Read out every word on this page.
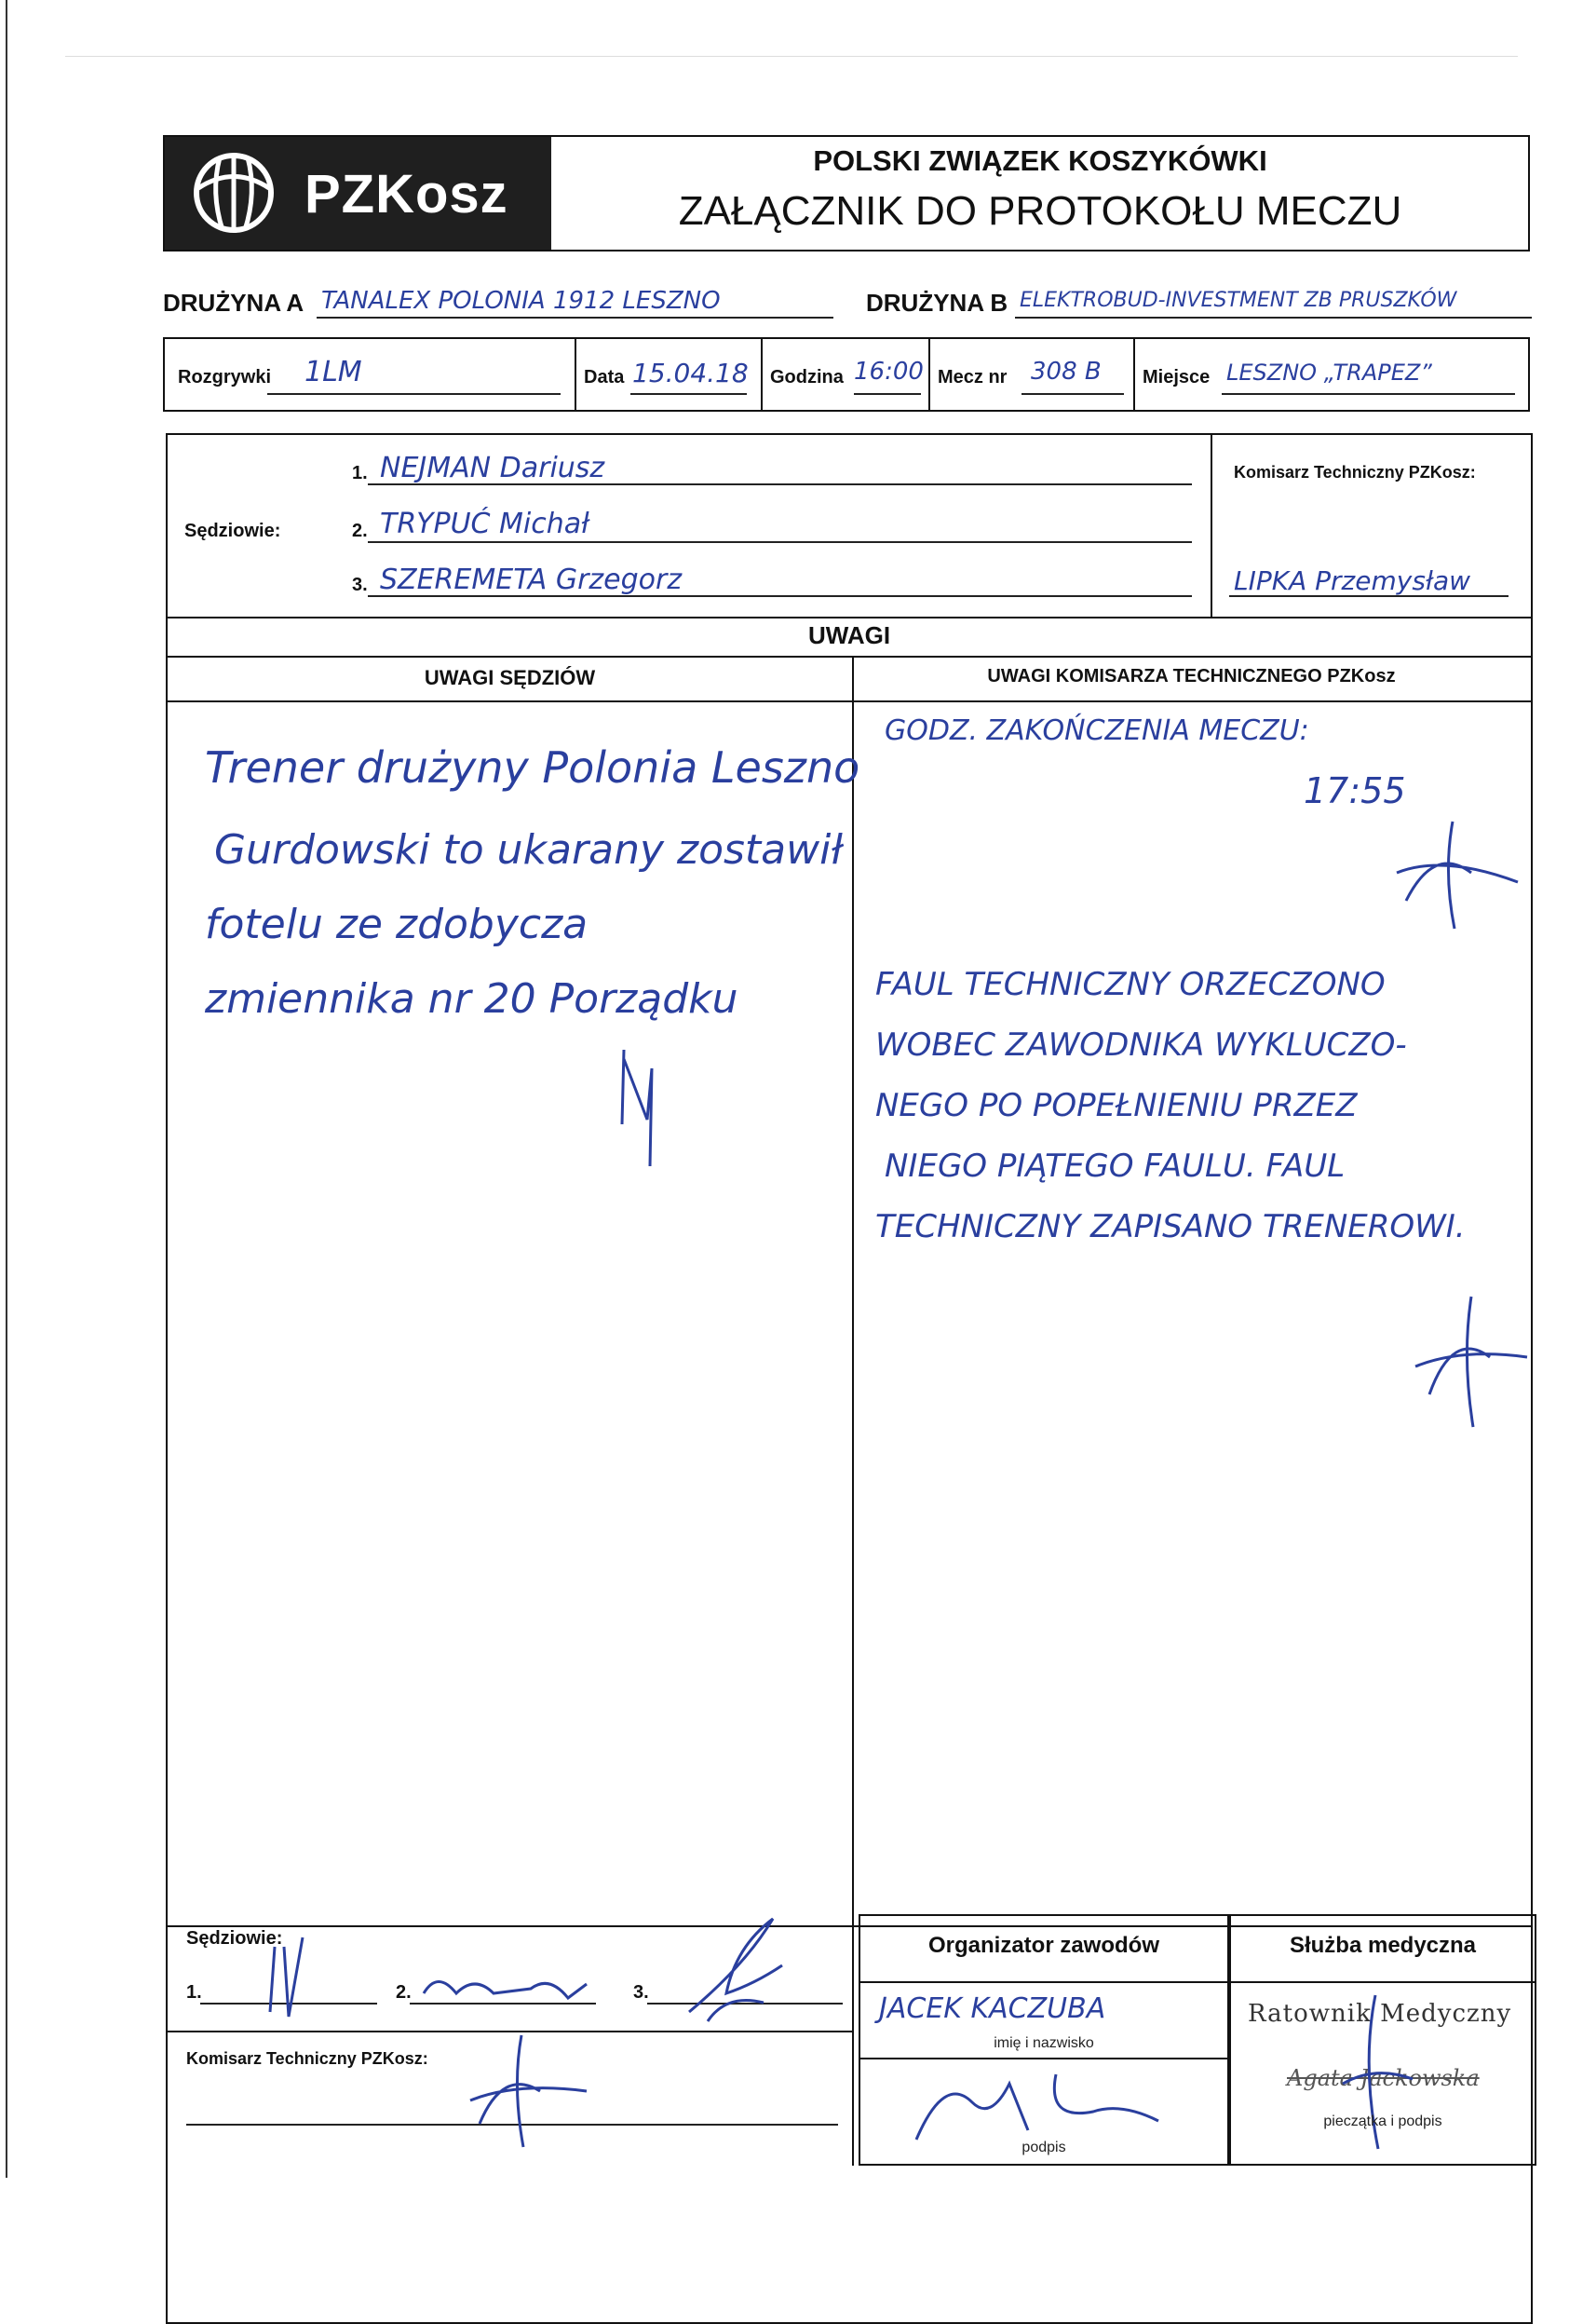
PZKosz
POLSKI ZWIĄZEK KOSZYKÓWKI
ZAŁĄCZNIK DO PROTOKOŁU MECZU
DRUŻYNA A TANALEX POLONIA 1912 LESZNO	DRUŻYNA B ELEKTROBUD-INVESTMENT ZB PRUSZKÓW
Rozgrywki 1LM	Data 15.04.18 Godzina 16:00 Mecz nr 308 B Miejsce LESZNO „TRAPEZ”
Sędziowie:
1. NEJMAN Dariusz
2. TRYPUĆ Michał
3. SZEREMETA Grzegorz
Komisarz Techniczny PZKosz:
LIPKA Przemysław
UWAGI
UWAGI SĘDZIÓW	UWAGI KOMISARZA TECHNICZNEGO PZKosz
Trener drużyny Polonia Leszno
Gurdowski to ukarany zostawił
fotelu ze zdobycza
zmiennika nr 20 Porządku
GODZ. ZAKOŃCZENIA MECZU:
17:55
FAUL TECHNICZNY ORZECZONO
WOBEC ZAWODNIKA WYKLUCZO-
NEGO PO POPEŁNIENIU PRZEZ
NIEGO PIĄTEGO FAULU. FAUL
TECHNICZNY ZAPISANO TRENEROWI.
Sędziowie:
1.	2.	3.
Komisarz Techniczny PZKosz:
Organizator zawodów
JACEK KACZUBA
imię i nazwisko
podpis
Służba medyczna
Ratownik Medyczny
Agata Jackowska
pieczątka i podpis
